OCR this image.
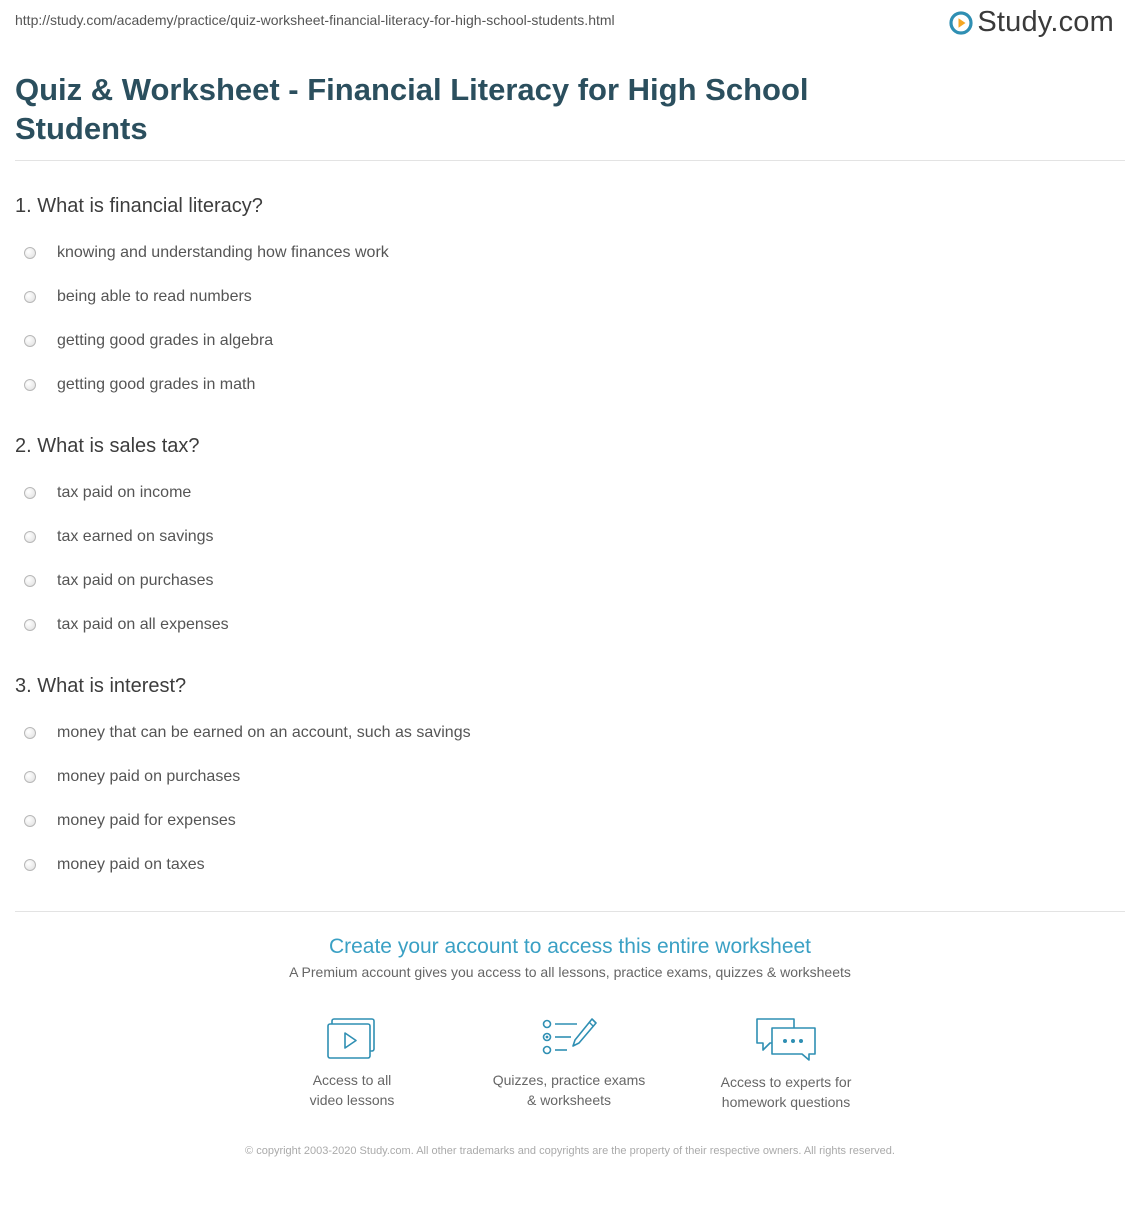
http://study.com/academy/practice/quiz-worksheet-financial-literacy-for-high-school-students.html	Study.com
Quiz & Worksheet - Financial Literacy for High School Students
1. What is financial literacy?
knowing and understanding how finances work
being able to read numbers
getting good grades in algebra
getting good grades in math
2. What is sales tax?
tax paid on income
tax earned on savings
tax paid on purchases
tax paid on all expenses
3. What is interest?
money that can be earned on an account, such as savings
money paid on purchases
money paid for expenses
money paid on taxes
Create your account to access this entire worksheet

A Premium account gives you access to all lessons, practice exams, quizzes & worksheets

Access to all
video lessons
Quizzes, practice exams
& worksheets
Access to experts for
homework questions
© copyright 2003-2020 Study.com. All other trademarks and copyrights are the property of their respective owners. All rights reserved.
